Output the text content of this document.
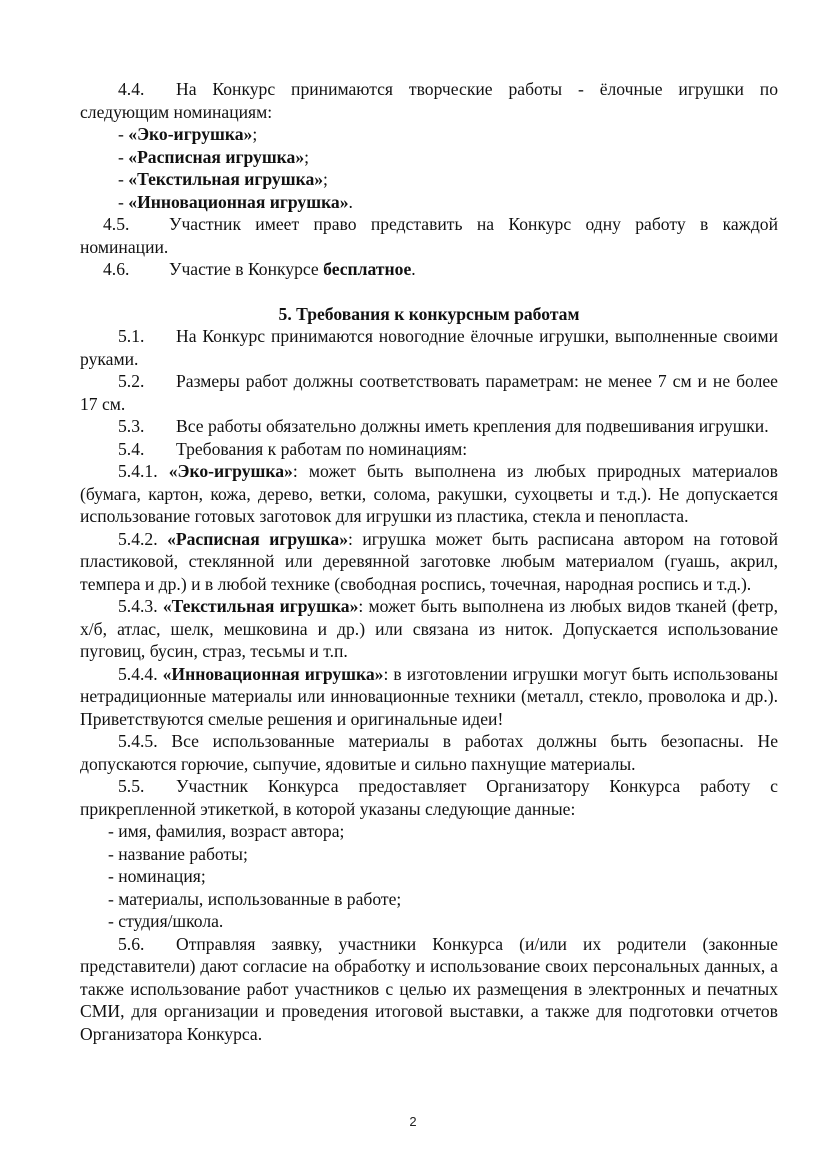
4.4. На Конкурс принимаются творческие работы - ёлочные игрушки по следующим номинациям:

- «Эко-игрушка»;
- «Расписная игрушка»;
- «Текстильная игрушка»;
- «Инновационная игрушка».

4.5. Участник имеет право представить на Конкурс одну работу в каждой номинации.

4.6. Участие в Конкурсе бесплатное.

5. Требования к конкурсным работам

5.1. На Конкурс принимаются новогодние ёлочные игрушки, выполненные своими руками.

5.2. Размеры работ должны соответствовать параметрам: не менее 7 см и не более 17 см.

5.3. Все работы обязательно должны иметь крепления для подвешивания игрушки.

5.4. Требования к работам по номинациям:

5.4.1. «Эко-игрушка»: может быть выполнена из любых природных материалов (бумага, картон, кожа, дерево, ветки, солома, ракушки, сухоцветы и т.д.). Не допускается использование готовых заготовок для игрушки из пластика, стекла и пенопласта.

5.4.2. «Расписная игрушка»: игрушка может быть расписана автором на готовой пластиковой, стеклянной или деревянной заготовке любым материалом (гуашь, акрил, темпера и др.) и в любой технике (свободная роспись, точечная, народная роспись и т.д.).

5.4.3. «Текстильная игрушка»: может быть выполнена из любых видов тканей (фетр, х/б, атлас, шелк, мешковина и др.) или связана из ниток. Допускается использование пуговиц, бусин, страз, тесьмы и т.п.

5.4.4. «Инновационная игрушка»: в изготовлении игрушки могут быть использованы нетрадиционные материалы или инновационные техники (металл, стекло, проволока и др.). Приветствуются смелые решения и оригинальные идеи!

5.4.5. Все использованные материалы в работах должны быть безопасны. Не допускаются горючие, сыпучие, ядовитые и сильно пахнущие материалы.

5.5. Участник Конкурса предоставляет Организатору Конкурса работу с прикрепленной этикеткой, в которой указаны следующие данные:

- имя, фамилия, возраст автора;
- название работы;
- номинация;
- материалы, использованные в работе;
- студия/школа.

5.6. Отправляя заявку, участники Конкурса (и/или их родители (законные представители) дают согласие на обработку и использование своих персональных данных, а также использование работ участников с целью их размещения в электронных и печатных СМИ, для организации и проведения итоговой выставки, а также для подготовки отчетов Организатора Конкурса.

2
